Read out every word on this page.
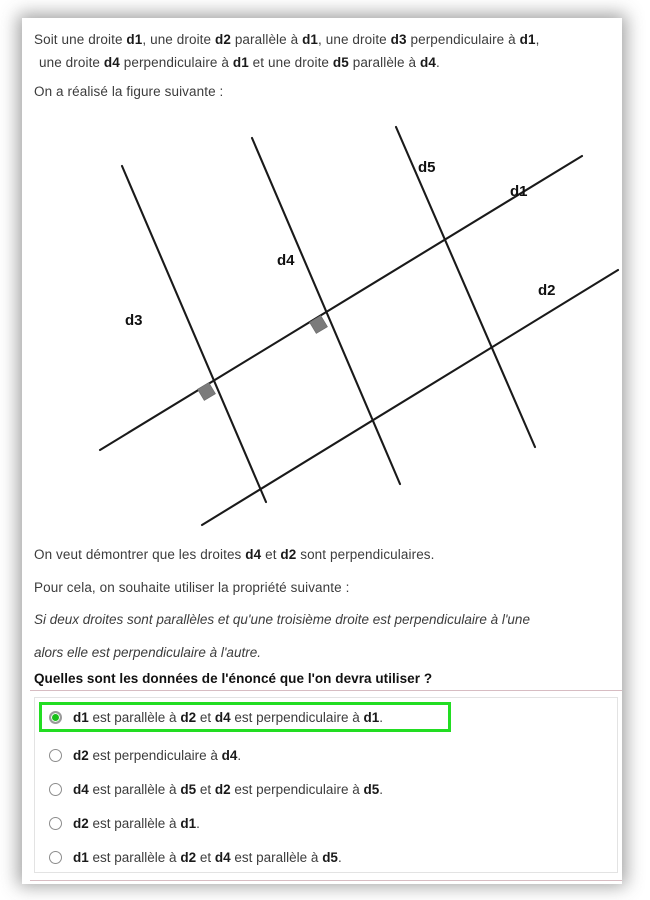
Soit une droite d1, une droite d2 parallèle à d1, une droite d3 perpendiculaire à d1,
une droite d4 perpendiculaire à d1 et une droite d5 parallèle à d4.
On a réalisé la figure suivante :
d1
d2
d3
d4
d5
On veut démontrer que les droites d4 et d2 sont perpendiculaires.
Pour cela, on souhaite utiliser la propriété suivante :
Si deux droites sont parallèles et qu'une troisième droite est perpendiculaire à l'une
alors elle est perpendiculaire à l'autre.
Quelles sont les données de l'énoncé que l'on devra utiliser ?
d1 est parallèle à d2 et d4 est perpendiculaire à d1.
d2 est perpendiculaire à d4.
d4 est parallèle à d5 et d2 est perpendiculaire à d5.
d2 est parallèle à d1.
d1 est parallèle à d2 et d4 est parallèle à d5.
